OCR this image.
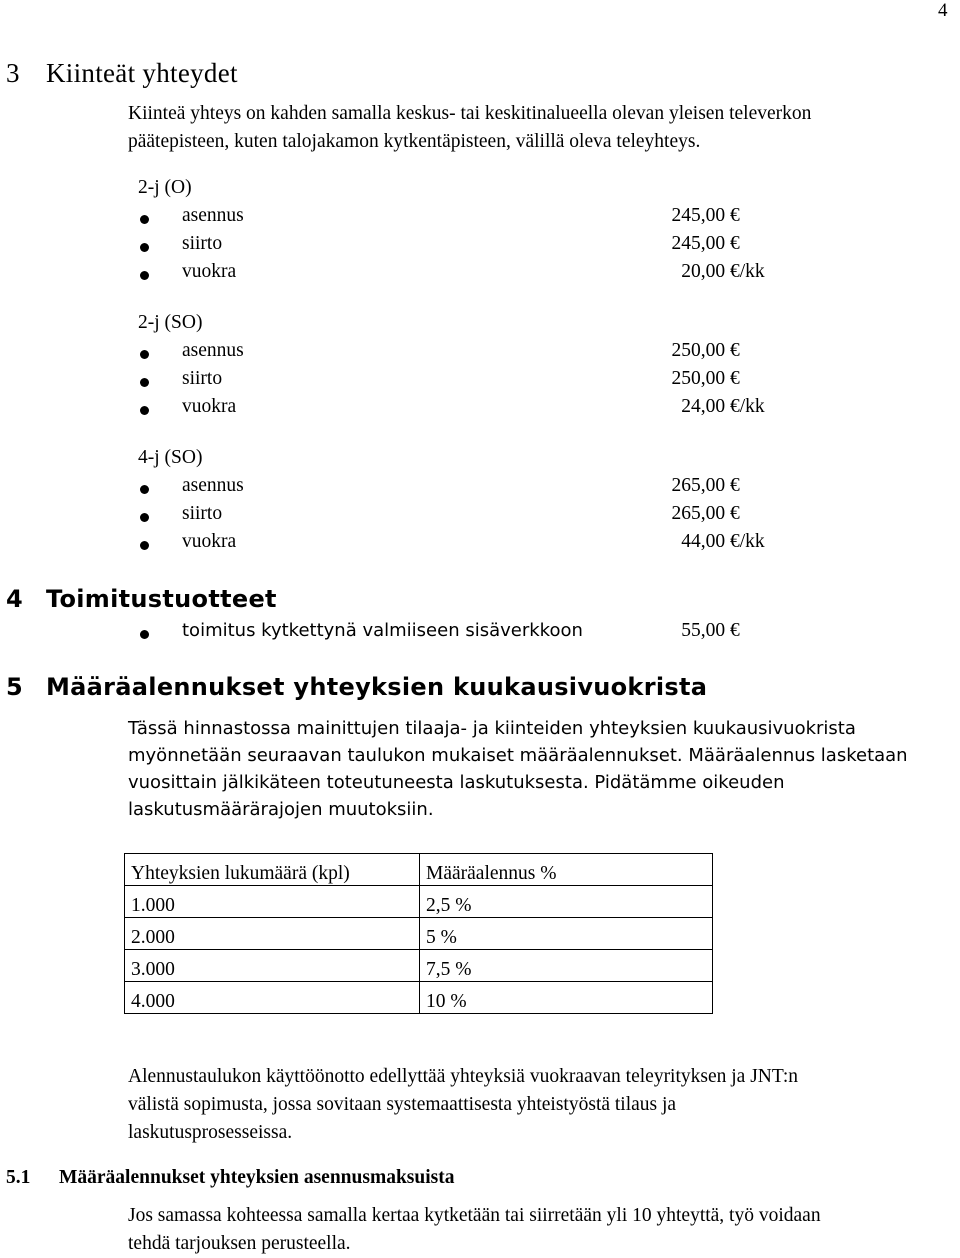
4
3 Kiinteät yhteydet

Kiinteä yhteys on kahden samalla keskus- tai keskitinalueella olevan yleisen televerkon
päätepisteen, kuten talojakamon kytkentäpisteen, välillä oleva teleyhteys.

2-j (O)
asennus	245,00 €
siirto	245,00 €
vuokra	20,00 €/kk
2-j (SO)
asennus	250,00 €
siirto	250,00 €
vuokra	24,00 €/kk
4-j (SO)
asennus	265,00 €
siirto	265,00 €
vuokra	44,00 €/kk
4 Toimitustuotteet
toimitus kytkettynä valmiiseen sisäverkkoon	55,00 €
5 Määräalennukset yhteyksien kuukausivuokrista

Tässä hinnastossa mainittujen tilaaja- ja kiinteiden yhteyksien kuukausivuokrista
myönnetään seuraavan taulukon mukaiset määräalennukset. Määräalennus lasketaan
vuosittain jälkikäteen toteutuneesta laskutuksesta. Pidätämme oikeuden
laskutusmäärärajojen muutoksiin.

Yhteyksien lukumäärä (kpl)	Määräalennus %
1.000	2,5 %
2.000	5 %
3.000	7,5 %
4.000	10 %

Alennustaulukon käyttöönotto edellyttää yhteyksiä vuokraavan teleyrityksen ja JNT:n
välistä sopimusta, jossa sovitaan systemaattisesta yhteistyöstä tilaus ja
laskutusprosesseissa.

5.1 Määräalennukset yhteyksien asennusmaksuista

Jos samassa kohteessa samalla kertaa kytketään tai siirretään yli 10 yhteyttä, työ voidaan
tehdä tarjouksen perusteella.
